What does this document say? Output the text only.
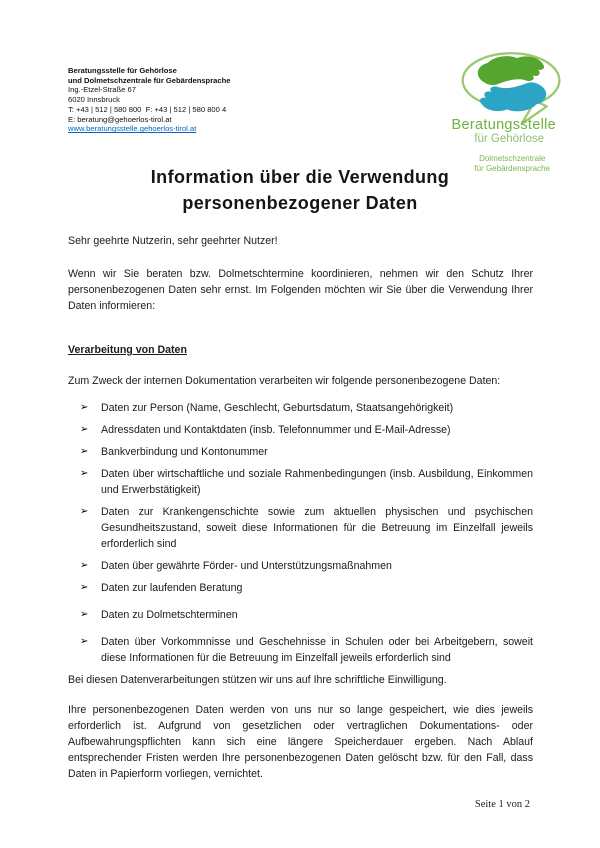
Beratungsstelle für Gehörlose
und Dolmetschzentrale für Gebärdensprache
Ing.-Etzel-Straße 67
6020 Innsbruck
T: +43 | 512 | 580 800  F: +43 | 512 | 580 800 4
E: beratung@gehoerlos-tirol.at
www.beratungsstelle.gehoerlos-tirol.at	Beratungsstelle
für Gehörlose
Dolmetschzentrale
für Gebärdensprache
Information über die Verwendung
personenbezogener Daten
Sehr geehrte Nutzerin, sehr geehrter Nutzer!
Wenn wir Sie beraten bzw. Dolmetschtermine koordinieren, nehmen wir den Schutz Ihrer personenbezogenen Daten sehr ernst. Im Folgenden möchten wir Sie über die Verwendung Ihrer Daten informieren:
Verarbeitung von Daten
Zum Zweck der internen Dokumentation verarbeiten wir folgende personenbezogene Daten:
➢ Daten zur Person (Name, Geschlecht, Geburtsdatum, Staatsangehörigkeit)
➢ Adressdaten und Kontaktdaten (insb. Telefonnummer und E-Mail-Adresse)
➢ Bankverbindung und Kontonummer
➢ Daten über wirtschaftliche und soziale Rahmenbedingungen (insb. Ausbildung, Einkommen und Erwerbstätigkeit)
➢ Daten zur Krankengenschichte sowie zum aktuellen physischen und psychischen Gesundheitszustand, soweit diese Informationen für die Betreuung im Einzelfall jeweils erforderlich sind
➢ Daten über gewährte Förder- und Unterstützungsmaßnahmen
➢ Daten zur laufenden Beratung
➢ Daten zu Dolmetschterminen
➢ Daten über Vorkommnisse und Geschehnisse in Schulen oder bei Arbeitgebern, soweit diese Informationen für die Betreuung im Einzelfall jeweils erforderlich sind
Bei diesen Datenverarbeitungen stützen wir uns auf Ihre schriftliche Einwilligung.
Ihre personenbezogenen Daten werden von uns nur so lange gespeichert, wie dies jeweils erforderlich ist. Aufgrund von gesetzlichen oder vertraglichen Dokumentations- oder Aufbewahrungspflichten kann sich eine längere Speicherdauer ergeben. Nach Ablauf entsprechender Fristen werden Ihre personenbezogenen Daten gelöscht bzw. für den Fall, dass Daten in Papierform vorliegen, vernichtet.
Seite 1 von 2
